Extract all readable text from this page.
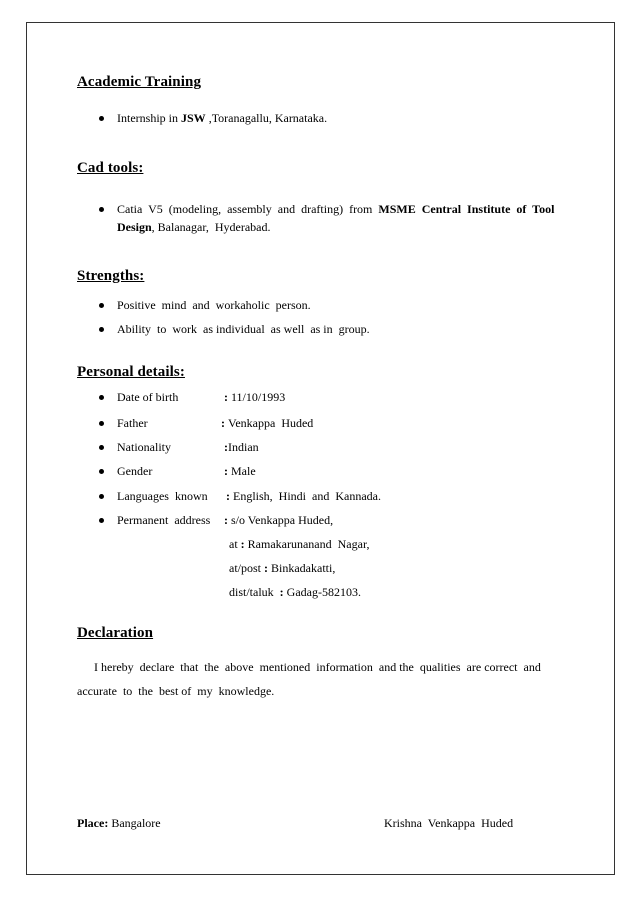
Academic Training
Internship in JSW ,Toranagallu, Karnataka.
Cad tools:
Catia  V5  (modeling,  assembly  and  drafting)  from  MSME  Central  Institute  of  Tool
Design, Balanagar,  Hyderabad.
Strengths:
Positive  mind  and  workaholic  person.
Ability  to  work  as individual  as well  as in  group.
Personal details:
Date of birth	: 11/10/1993
Father	: Venkappa  Huded
Nationality	:Indian
Gender	: Male
Languages  known : English,  Hindi  and  Kannada.
Permanent  address : s/o Venkappa Huded,
at : Ramakarunanand  Nagar,
at/post : Binkadakatti,
dist/taluk  : Gadag-582103.
Declaration
I hereby  declare  that  the  above  mentioned  information  and the  qualities  are correct  and
accurate  to  the  best of  my  knowledge.
Place: Bangalore	Krishna  Venkappa  Huded
